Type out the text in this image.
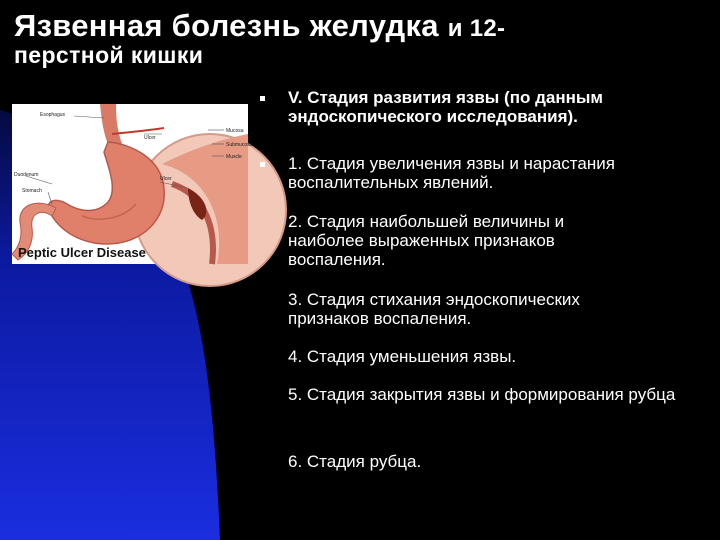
Язвенная болезнь желудка и 12-
перстной кишки
Esophagus
Ulcer
Mucosa
Submucosa
Muscle
Duodenum
Ulcer
Stomach
Peptic Ulcer Disease
V. Стадия развития язвы (по данным эндоскопического исследования).
1. Стадия увеличения язвы и нарастания воспалительных явлений.
2. Стадия наибольшей величины и наиболее выраженных признаков воспаления.
3. Стадия стихания эндоскопических признаков воспаления.
4. Стадия уменьшения язвы.
5. Стадия закрытия язвы и формирования рубца
6. Стадия рубца.
